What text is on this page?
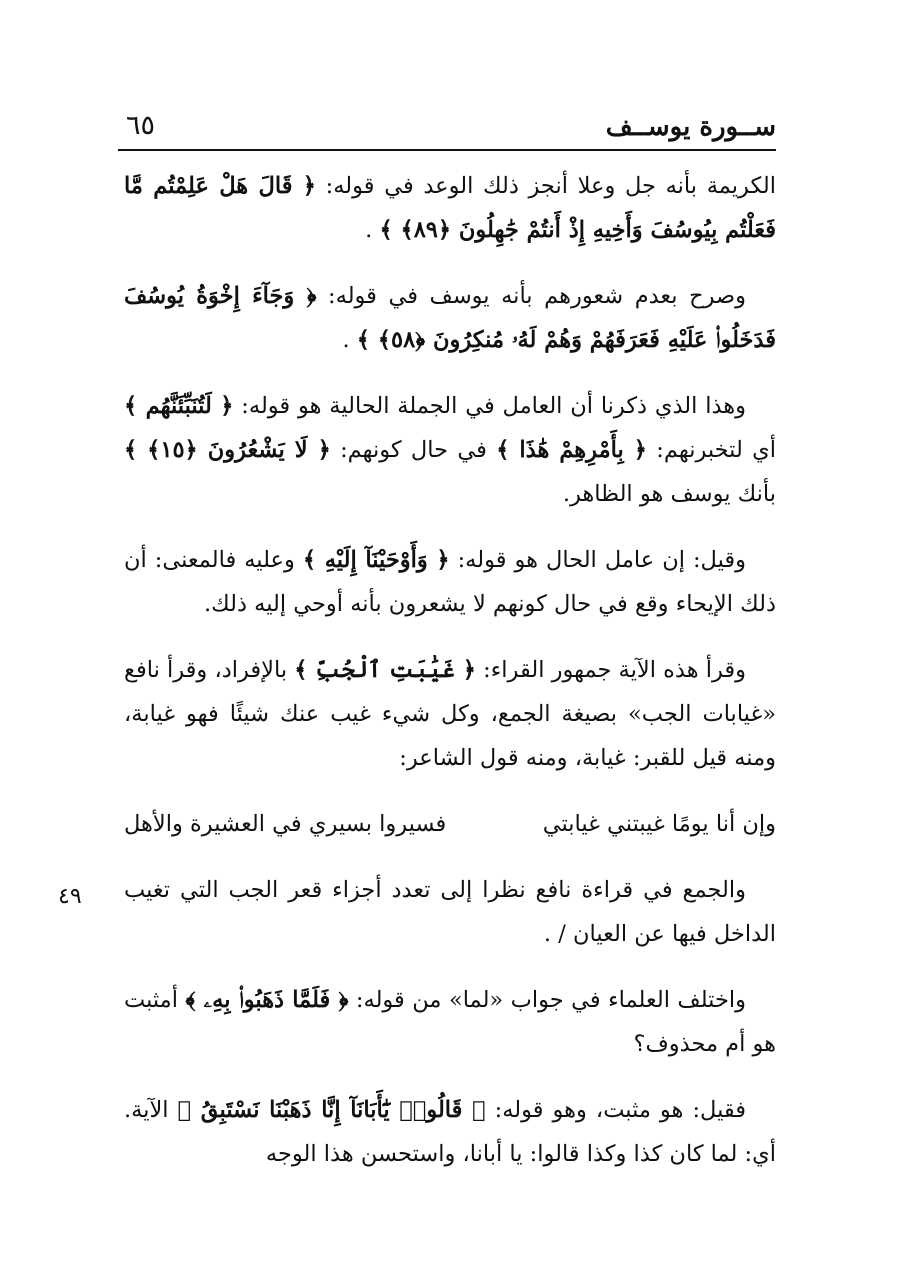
ســورة يوســف
٦٥
٤٩

الكريمة بأنه جل وعلا أنجز ذلك الوعد في قوله: ﴿ قَالَ هَلْ عَلِمْتُم مَّا فَعَلْتُم بِيُوسُفَ وَأَخِيهِ إِذْ أَنتُمْ جَٰهِلُونَ ﴿٨٩﴾ ﴾ .

وصرح بعدم شعورهم بأنه يوسف في قوله: ﴿ وَجَآءَ إِخْوَةُ يُوسُفَ فَدَخَلُوا۟ عَلَيْهِ فَعَرَفَهُمْ وَهُمْ لَهُۥ مُنكِرُونَ ﴿٥٨﴾ ﴾ .

وهذا الذي ذكرنا أن العامل في الجملة الحالية هو قوله: ﴿ لَتُنَبِّئَنَّهُم ﴾ أي لتخبرنهم: ﴿ بِأَمْرِهِمْ هَٰذَا ﴾ في حال كونهم: ﴿ لَا يَشْعُرُونَ ﴿١٥﴾ ﴾ بأنك يوسف هو الظاهر.

وقيل: إن عامل الحال هو قوله: ﴿ وَأَوْحَيْنَآ إِلَيْهِ ﴾ وعليه فالمعنى: أن ذلك الإيحاء وقع في حال كونهم لا يشعرون بأنه أوحي إليه ذلك.

وقرأ هذه الآية جمهور القراء: ﴿ غَيَٰبَتِ ٱلْجُبِّ ﴾ بالإفراد، وقرأ نافع «غيابات الجب» بصيغة الجمع، وكل شيء غيب عنك شيئًا فهو غيابة، ومنه قيل للقبر: غيابة، ومنه قول الشاعر:

وإن أنا يومًا غيبتني غيابتي
فسيروا بسيري في العشيرة والأهل

والجمع في قراءة نافع نظرا إلى تعدد أجزاء قعر الجب التي تغيب الداخل فيها عن العيان / .

واختلف العلماء في جواب «لما» من قوله: ﴿ فَلَمَّا ذَهَبُوا۟ بِهِۦ ﴾ أمثبت هو أم محذوف؟

فقيل: هو مثبت، وهو قوله: ﴿ قَالُوا۟ يَٰٓأَبَانَآ إِنَّا ذَهَبْنَا نَسْتَبِقُ ﴾ الآية. أي: لما كان كذا وكذا قالوا: يا أبانا، واستحسن هذا الوجه
